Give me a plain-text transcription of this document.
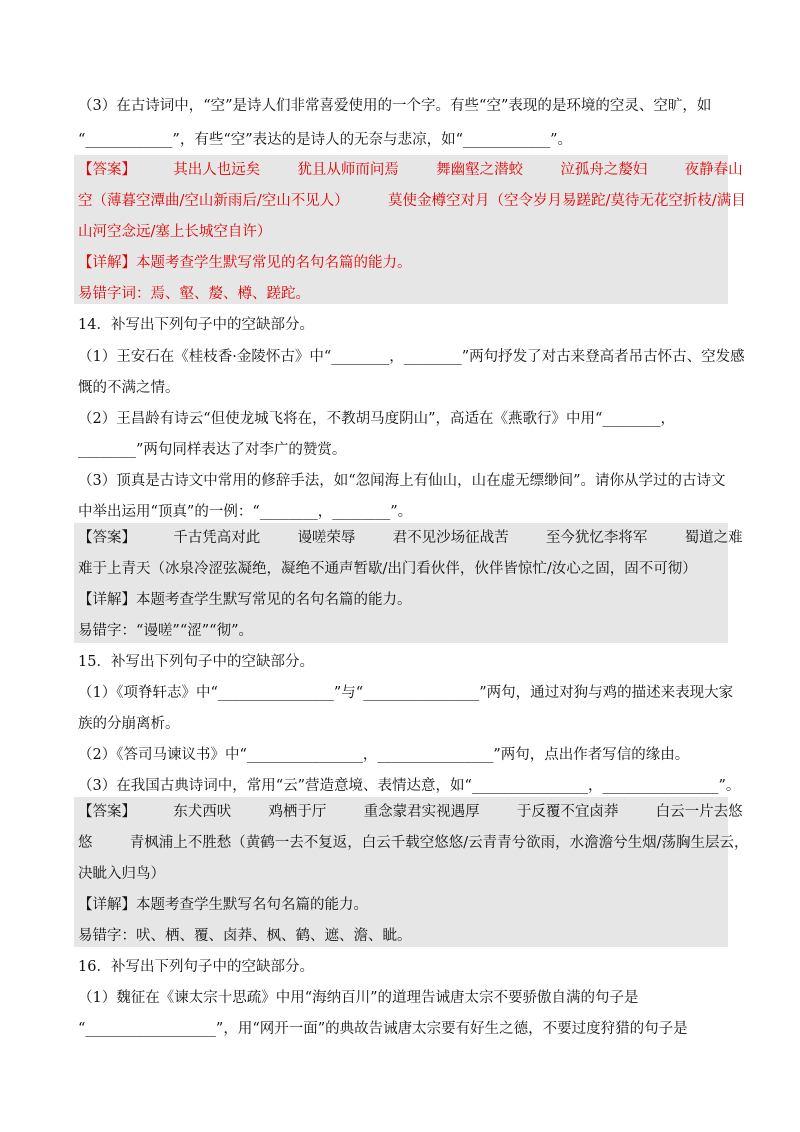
（3）在古诗词中，“空”是诗人们非常喜爱使用的一个字。有些“空”表现的是环境的空灵、空旷，如
“____________”，有些“空”表达的是诗人的无奈与悲凉，如“____________”。
【答案】	其出人也远矣	犹且从师而问焉	舞幽壑之潜蛟	泣孤舟之嫠妇	夜静春山
空（薄暮空潭曲/空山新雨后/空山不见人）	莫使金樽空对月（空令岁月易蹉跎/莫待无花空折枝/满目
山河空念远/塞上长城空自许）
【详解】本题考查学生默写常见的名句名篇的能力。
易错字词：焉、壑、嫠、樽、蹉跎。
14．补写出下列句子中的空缺部分。
（1）王安石在《桂枝香·金陵怀古》中“________，________”两句抒发了对古来登高者吊古怀古、空发感
慨的不满之情。
（2）王昌龄有诗云“但使龙城飞将在，不教胡马度阴山”，高适在《燕歌行》中用“________，
________”两句同样表达了对李广的赞赏。
（3）顶真是古诗文中常用的修辞手法，如“忽闻海上有仙山，山在虚无缥缈间”。请你从学过的古诗文
中举出运用“顶真”的一例：“________，________”。
【答案】	千古凭高对此	谩嗟荣辱	君不见沙场征战苦	至今犹忆李将军	蜀道之难
难于上青天（冰泉冷涩弦凝绝，凝绝不通声暂歇/出门看伙伴，伙伴皆惊忙/汝心之固，固不可彻）
【详解】本题考查学生默写常见的名句名篇的能力。
易错字：“谩嗟”“涩”“彻”。
15．补写出下列句子中的空缺部分。
（1）《项脊轩志》中“________________”与“________________”两句，通过对狗与鸡的描述来表现大家
族的分崩离析。
（2）《答司马谏议书》中“________________，________________”两句，点出作者写信的缘由。
（3）在我国古典诗词中，常用“云”营造意境、表情达意，如“________________，________________”。
【答案】	东犬西吠	鸡栖于厅	重念蒙君实视遇厚	于反覆不宜卤莽	白云一片去悠
悠	青枫浦上不胜愁（黄鹤一去不复返，白云千载空悠悠/云青青兮欲雨，水澹澹兮生烟/荡胸生层云，
决眦入归鸟）
【详解】本题考查学生默写名句名篇的能力。
易错字：吠、栖、覆、卤莽、枫、鹤、遮、澹、眦。
16．补写出下列句子中的空缺部分。
（1）魏征在《谏太宗十思疏》中用“海纳百川”的道理告诫唐太宗不要骄傲自满的句子是
“__________________”，用“网开一面”的典故告诫唐太宗要有好生之德，不要过度狩猎的句子是
